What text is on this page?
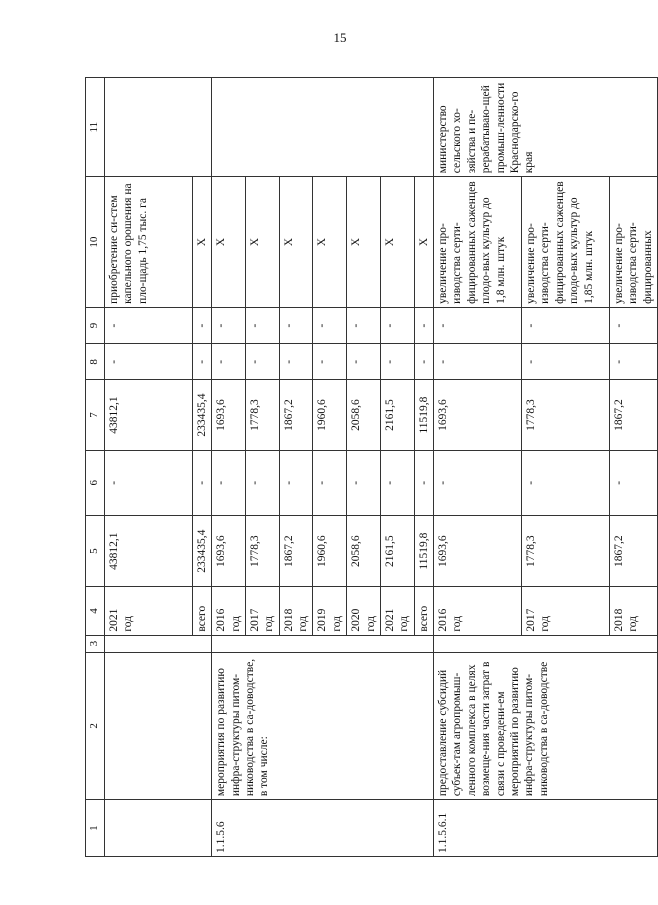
15
1	2	3	4	5	6	7	8	9	10	11
			2021 год	43812,1	-	43812,1	-	-	приобретение си-стем капельного орошения на пло-щадь 1,75 тыс. га	
			всего	233435,4	-	233435,4	-	-	Х	
1.1.5.6	мероприятия по развитию инфра-структуры питом-ниководства в са-доводстве, в том числе:		2016 год	1693,6	-	1693,6	-	-	Х	
			2017 год	1778,3	-	1778,3	-	-	Х	
			2018 год	1867,2	-	1867,2	-	-	Х	
			2019 год	1960,6	-	1960,6	-	-	Х	
			2020 год	2058,6	-	2058,6	-	-	Х	
			2021 год	2161,5	-	2161,5	-	-	Х	
			всего	11519,8	-	11519,8	-	-	Х	
1.1.5.6.1	предоставление субсидий субъек-там агропромыш-ленного комплекса в целях возмеще-ния части затрат в связи с проведени-ем мероприятий по развитию инфра-структуры питом-ниководства в са-доводстве		2016 год	1693,6	-	1693,6	-	-	увеличение про-изводства серти-фицированных саженцев плодо-вых культур до 1,8 млн. штук	министерство сельского хо-зяйства и пе-рерабатываю-щей промыш-ленности Краснодарско-го края
			2017 год	1778,3	-	1778,3	-	-	увеличение про-изводства серти-фицированных саженцев плодо-вых культур до 1,85 млн. штук	
			2018 год	1867,2	-	1867,2	-	-	увеличение про-изводства серти-фицированных	
